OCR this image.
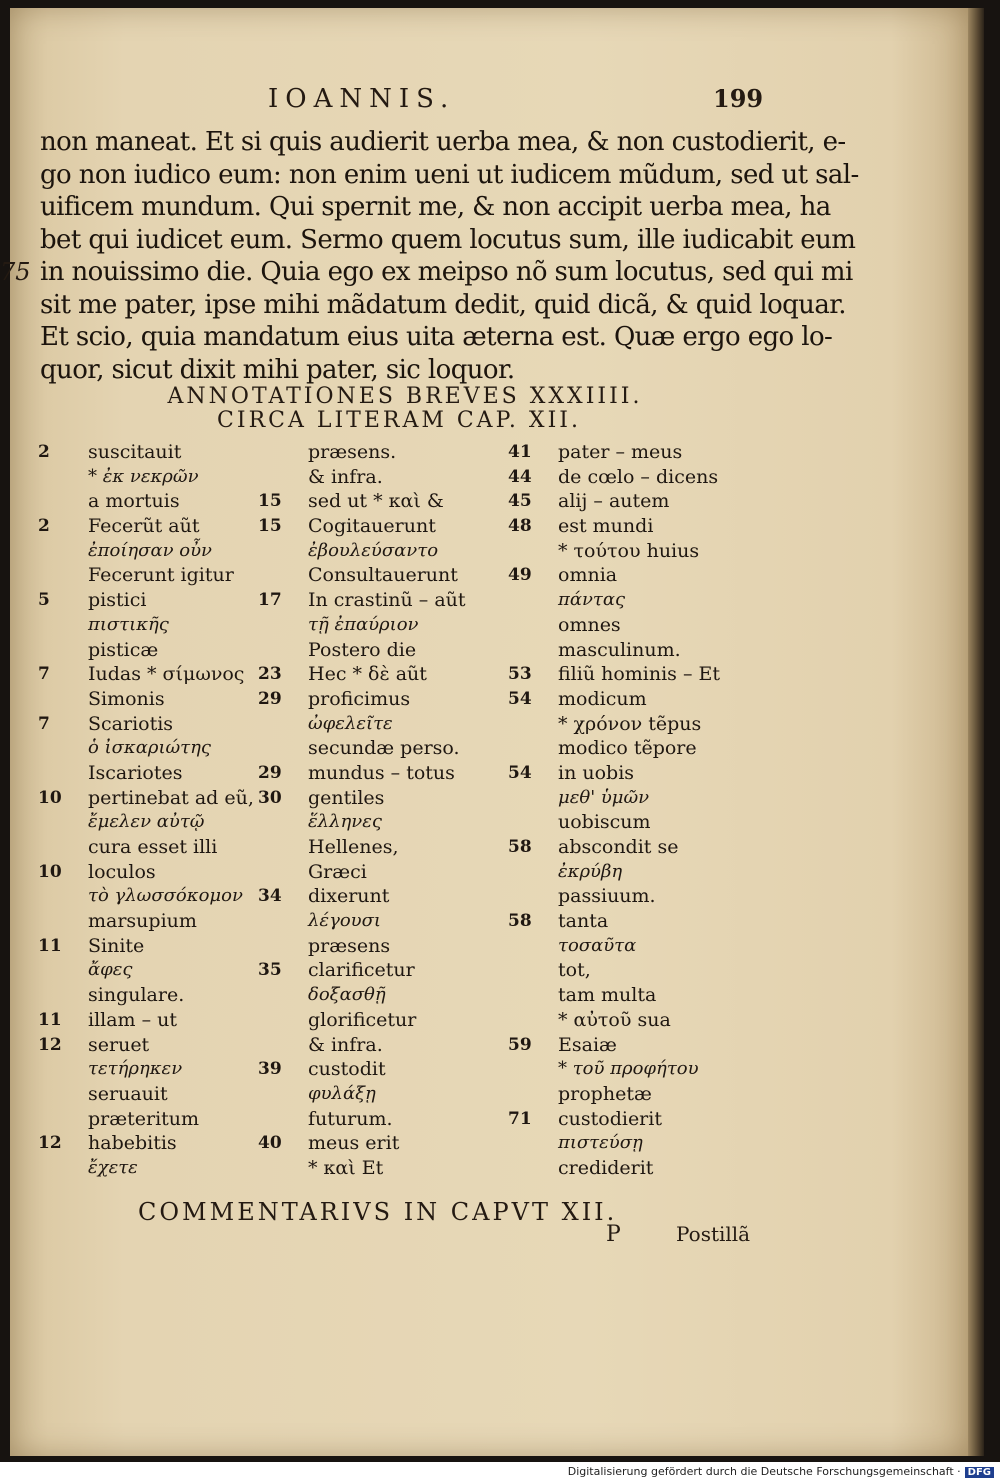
IOANNIS.	199
75
non maneat. Et si quis audierit uerba mea, & non custodierit, e-
go non iudico eum: non enim ueni ut iudicem mũdum, sed ut sal-
uificem mundum. Qui spernit me, & non accipit uerba mea, ha
bet qui iudicet eum. Sermo quem locutus sum, ille iudicabit eum
in nouissimo die. Quia ego ex meipso nõ sum locutus, sed qui mi
sit me pater, ipse mihi mãdatum dedit, quid dicã, & quid loquar.
Et scio, quia mandatum eius uita æterna est. Quæ ergo ego lo-
quor, sicut dixit mihi pater, sic loquor.
ANNOTATIONES BREVES XXXIIII.
CIRCA LITERAM CAP. XII.
2	suscitauit
* ἐκ νεκρῶν
a mortuis
2	Fecerũt aũt
ἐποίησαν οὖν
Fecerunt igitur
5	pistici
πιστικῆς
pisticæ
7	Iudas * σίμωνος
Simonis
7	Scariotis
ὁ ἰσκαριώτης
Iscariotes
10	pertinebat ad eũ,
ἔμελεν αὐτῷ
cura esset illi
10	loculos
τὸ γλωσσόκομον
marsupium
11	Sinite
ἄφες
singulare.
11	illam – ut
12	seruet
τετήρηκεν
seruauit
præteritum
12	habebitis
ἔχετε
præsens.
& infra.
15	sed ut * καὶ &
15	Cogitauerunt
ἐβουλεύσαντο
Consultauerunt
17	In crastinũ – aũt
τῇ ἐπαύριον
Postero die
23	Hec * δὲ aũt
29	proficimus
ὠφελεῖτε
secundæ perso.
29	mundus – totus
30	gentiles
ἕλληνες
Hellenes,
Græci
34	dixerunt
λέγουσι
præsens
35	clarificetur
δοξασθῇ
glorificetur
& infra.
39	custodit
φυλάξῃ
futurum.
40	meus erit
* καὶ Et
41	pater – meus
44	de cœlo – dicens
45	alij – autem
48	est mundi
* τούτου huius
49	omnia
πάντας
omnes
masculinum.
53	filiũ hominis – Et
54	modicum
* χρόνον tẽpus
modico tẽpore
54	in uobis
μεθ' ὑμῶν
uobiscum
58	abscondit se
ἐκρύβη
passiuum.
58	tanta
τοσαῦτα
tot,
tam multa
* αὐτοῦ sua
59	Esaiæ
* τοῦ προφήτου
prophetæ
71	custodierit
πιστεύσῃ
crediderit
COMMENTARIVS IN CAPVT XII.
P	Postillã
Digitalisierung gefördert durch die Deutsche Forschungsgemeinschaft · DFG
